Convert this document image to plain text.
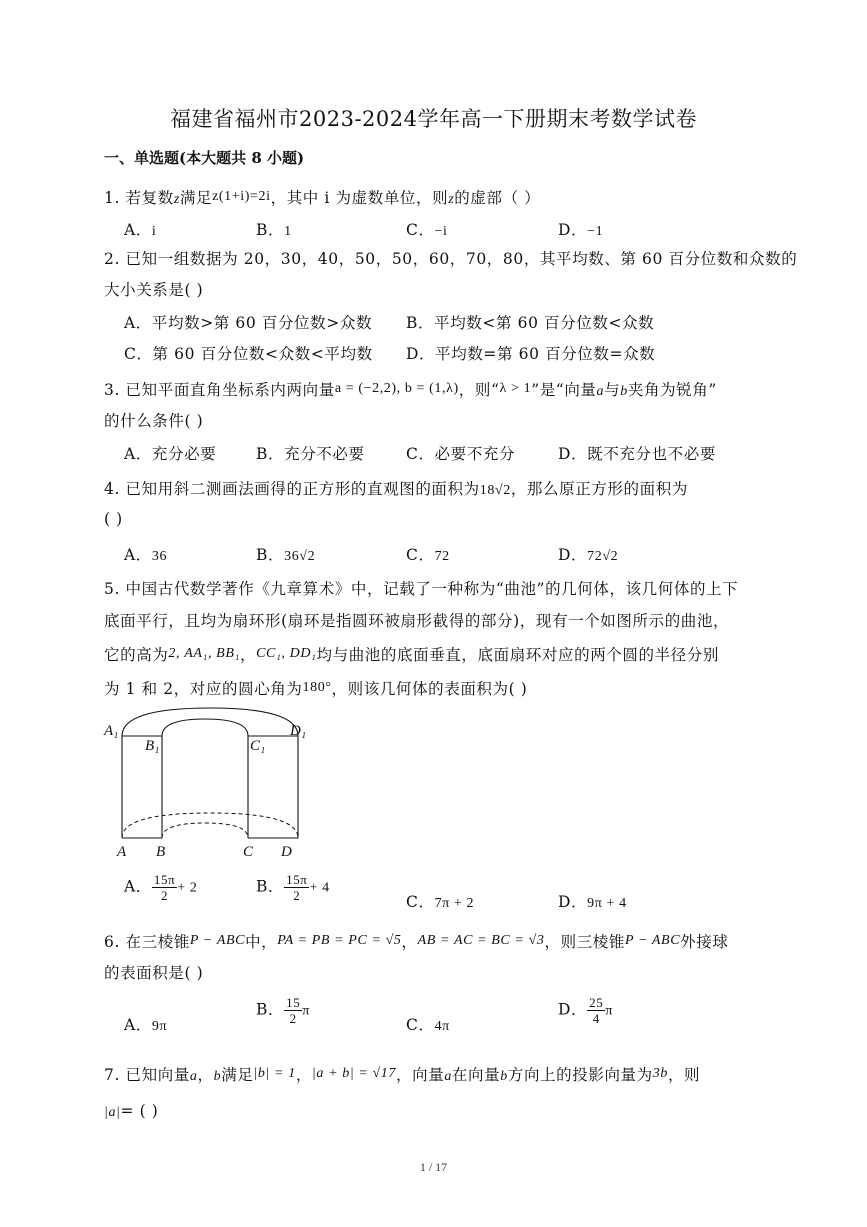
福建省福州市2023-2024学年高一下册期末考数学试卷
一、单选题(本大题共 8 小题)
1. 若复数z满足z(1+i)=2i，其中 i 为虚数单位，则z的虚部（ ）
A．i	B．1	C．−i	D．−1
2. 已知一组数据为 20，30，40，50，50，60，70，80，其平均数、第 60 百分位数和众数的
大小关系是( )
A．平均数>第 60 百分位数>众数 B．平均数<第 60 百分位数<众数
C．第 60 百分位数<众数<平均数 D．平均数=第 60 百分位数=众数
3. 已知平面直角坐标系内两向量a = (−2,2), b = (1,λ)，则“λ > 1”是“向量a与b夹角为锐角”
的什么条件( )
A．充分必要	B．充分不必要	C．必要不充分	D．既不充分也不必要
4. 已知用斜二测画法画得的正方形的直观图的面积为18√2，那么原正方形的面积为
( )
A．36	B．36√2	C．72	D．72√2
5. 中国古代数学著作《九章算术》中，记载了一种称为“曲池”的几何体，该几何体的上下
底面平行，且均为扇环形(扇环是指圆环被扇形截得的部分)，现有一个如图所示的曲池，
它的高为2, AA₁, BB₁，CC₁, DD₁均与曲池的底面垂直，底面扇环对应的两个圆的半径分别
为 1 和 2，对应的圆心角为180°，则该几何体的表面积为( )
A₁
B₁	C₁
D₁
A B	C D
A． $\frac{15\pi}{2} + 2$	B． $\frac{15\pi}{2} + 4$
C．7π + 2	D．9π + 4
6. 在三棱锥P − ABC中，PA = PB = PC = √5，AB = AC = BC = √3，则三棱锥P − ABC外接球
的表面积是( )
A．9π
B． $\frac{15}{2}$ π
C．4π
D． $\frac{25}{4}$ π
7. 已知向量a，b满足|b| = 1，|a + b| = √17，向量a在向量b方向上的投影向量为3b，则
|a|= ( )
1 / 17
